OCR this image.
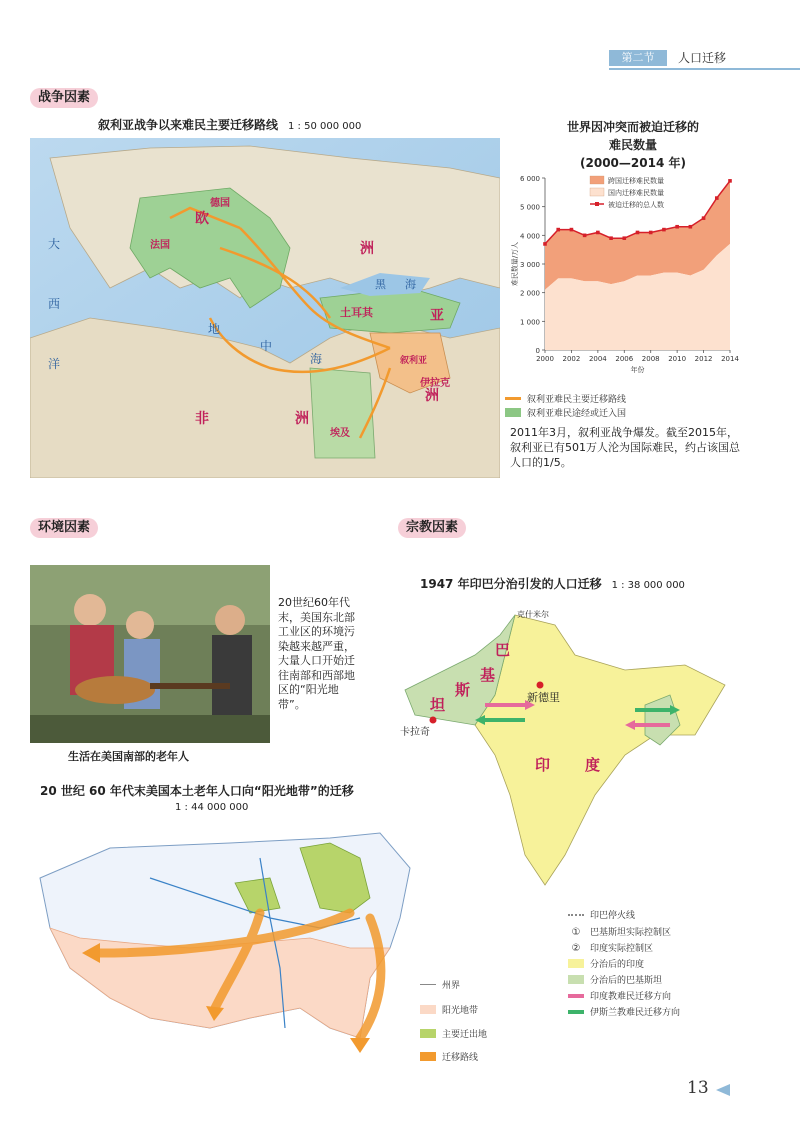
第二节	人口迁移
战争因素
叙利亚战争以来难民主要迁移路线 1 : 50 000 000
欧
洲
德国
法国
土耳其	亚
洲
非	洲
埃及
叙利亚
伊拉克
地
中
海
黑 海
大
西
洋
世界因冲突而被迫迁移的
难民数量
(2000—2014 年)
0
1 000
2 000
3 000
4 000
5 000
6 000
2000 2002 2004 2006 2008 2010 2012 2014
年份
难民数量/万人
跨国迁移难民数量
国内迁移难民数量
被迫迁移的总人数
叙利亚难民主要迁移路线
叙利亚难民途经或迁入国
2011年3月，叙利亚战争爆发。截至2015年，叙利亚已有501万人沦为国际难民，约占该国总人口的1/5。
环境因素	宗教因素
生活在美国南部的老年人
20世纪60年代末，美国东北部工业区的环境污染越来越严重，大量人口开始迁往南部和西部地区的“阳光地带”。
1947 年印巴分治引发的人口迁移 1 : 38 000 000
新德里
卡拉奇
巴
基
斯
坦
印 度
克什米尔
印巴停火线
①	巴基斯坦实际控制区
②	印度实际控制区
分治后的印度
分治后的巴基斯坦
印度教难民迁移方向
伊斯兰教难民迁移方向
20 世纪 60 年代末美国本土老年人口向“阳光地带”的迁移
1 : 44 000 000
州界
阳光地带
主要迁出地
迁移路线
13
